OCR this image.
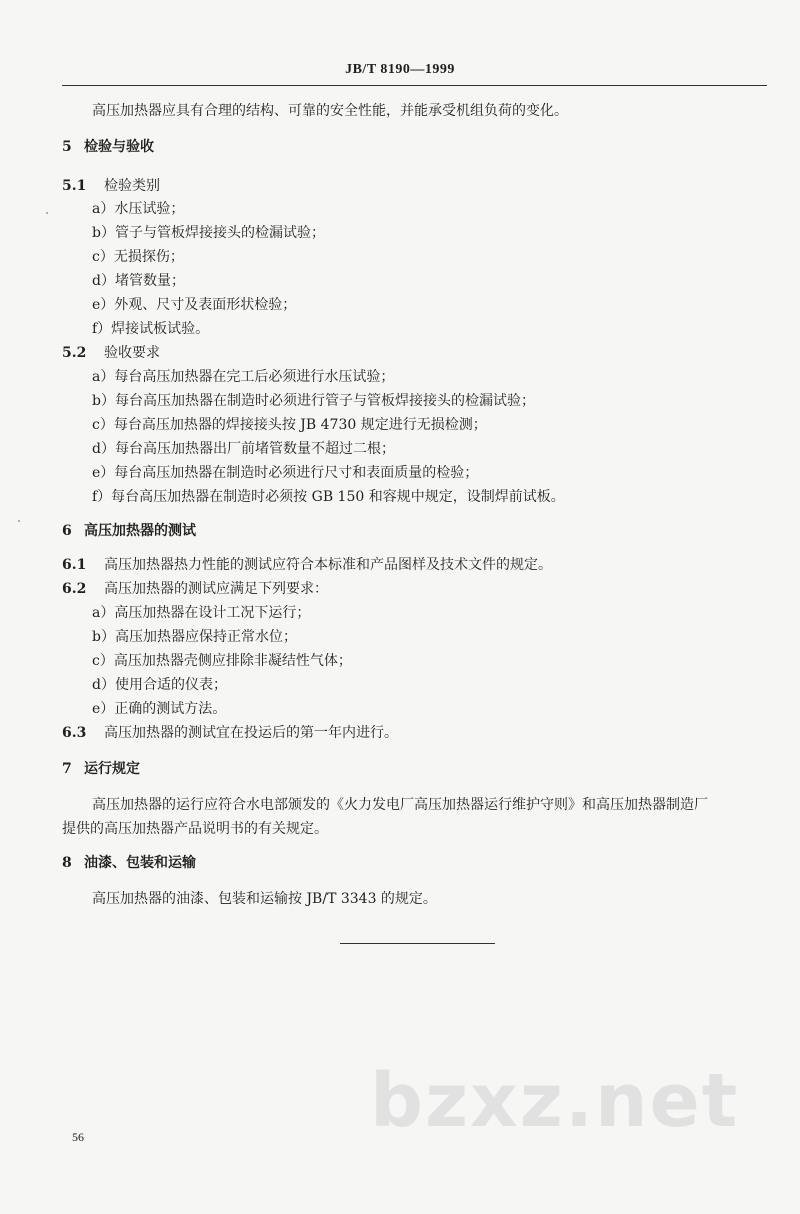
JB/T 8190—1999
高压加热器应具有合理的结构、可靠的安全性能，并能承受机组负荷的变化。
5 检验与验收
5.1 检验类别
a）水压试验；
b）管子与管板焊接接头的检漏试验；
c）无损探伤；
d）堵管数量；
e）外观、尺寸及表面形状检验；
f）焊接试板试验。
5.2 验收要求
a）每台高压加热器在完工后必须进行水压试验；
b）每台高压加热器在制造时必须进行管子与管板焊接接头的检漏试验；
c）每台高压加热器的焊接接头按 JB 4730 规定进行无损检测；
d）每台高压加热器出厂前堵管数量不超过二根；
e）每台高压加热器在制造时必须进行尺寸和表面质量的检验；
f）每台高压加热器在制造时必须按 GB 150 和容规中规定，设制焊前试板。
6 高压加热器的测试
6.1 高压加热器热力性能的测试应符合本标准和产品图样及技术文件的规定。
6.2 高压加热器的测试应满足下列要求：
a）高压加热器在设计工况下运行；
b）高压加热器应保持正常水位；
c）高压加热器壳侧应排除非凝结性气体；
d）使用合适的仪表；
e）正确的测试方法。
6.3 高压加热器的测试宜在投运后的第一年内进行。
7 运行规定
高压加热器的运行应符合水电部颁发的《火力发电厂高压加热器运行维护守则》和高压加热器制造厂
提供的高压加热器产品说明书的有关规定。
8 油漆、包装和运输
高压加热器的油漆、包装和运输按 JB/T 3343 的规定。
bzxz.net
56
